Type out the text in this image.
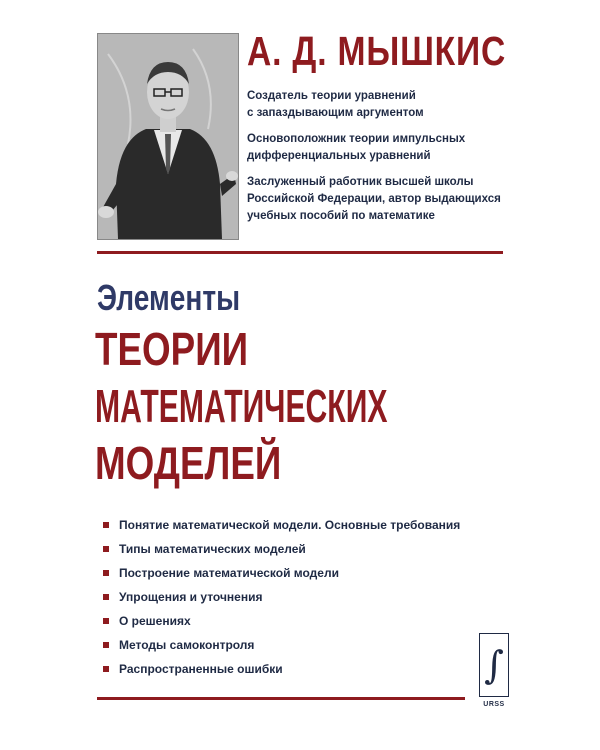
А. Д. МЫШКИС
Создатель теории уравнений
с запаздывающим аргументом
Основоположник теории импульсных
дифференциальных уравнений
Заслуженный работник высшей школы
Российской Федерации, автор выдающихся
учебных пособий по математике
Элементы
ТЕОРИИ
МАТЕМАТИЧЕСКИХ
МОДЕЛЕЙ
Понятие математической модели. Основные требования
Типы математических моделей
Построение математической модели
Упрощения и уточнения
О решениях
Методы самоконтроля
Распространенные ошибки	∫
URSS
